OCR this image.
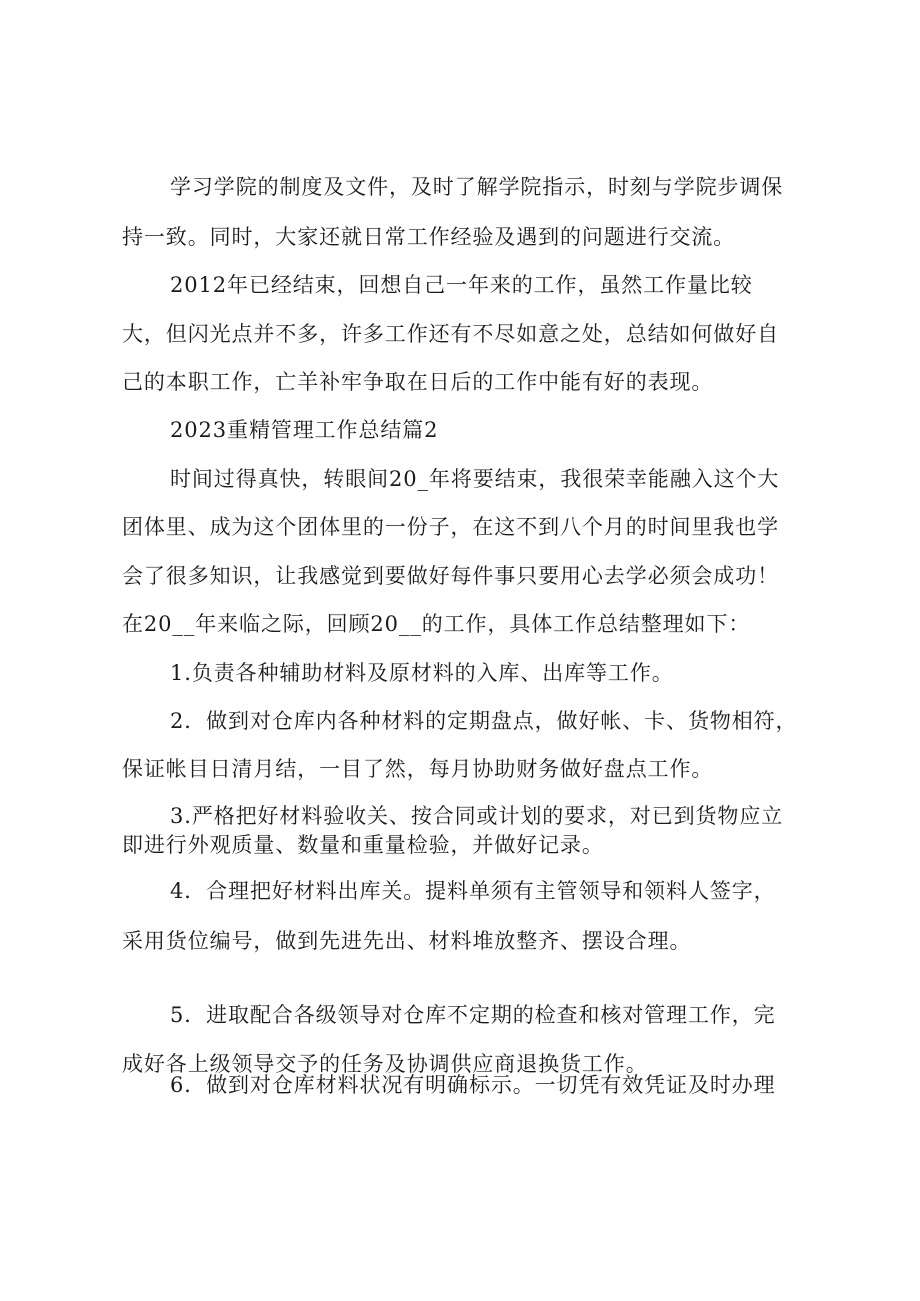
学习学院的制度及文件，及时了解学院指示，时刻与学院步调保
持一致。同时，大家还就日常工作经验及遇到的问题进行交流。
2012年已经结束，回想自己一年来的工作，虽然工作量比较
大，但闪光点并不多，许多工作还有不尽如意之处，总结如何做好自
己的本职工作，亡羊补牢争取在日后的工作中能有好的表现。
2023重精管理工作总结篇2
时间过得真快，转眼间20_年将要结束，我很荣幸能融入这个大
团体里、成为这个团体里的一份子，在这不到八个月的时间里我也学
会了很多知识，让我感觉到要做好每件事只要用心去学必须会成功！
在20__年来临之际，回顾20__的工作，具体工作总结整理如下：
1.负责各种辅助材料及原材料的入库、出库等工作。
2．做到对仓库内各种材料的定期盘点，做好帐、卡、货物相符，
保证帐目日清月结，一目了然，每月协助财务做好盘点工作。
3.严格把好材料验收关、按合同或计划的要求，对已到货物应立
即进行外观质量、数量和重量检验，并做好记录。
4．合理把好材料出库关。提料单须有主管领导和领料人签字，
采用货位编号，做到先进先出、材料堆放整齐、摆设合理。
5．进取配合各级领导对仓库不定期的检查和核对管理工作，完
成好各上级领导交予的任务及协调供应商退换货工作。
6．做到对仓库材料状况有明确标示。一切凭有效凭证及时办理
